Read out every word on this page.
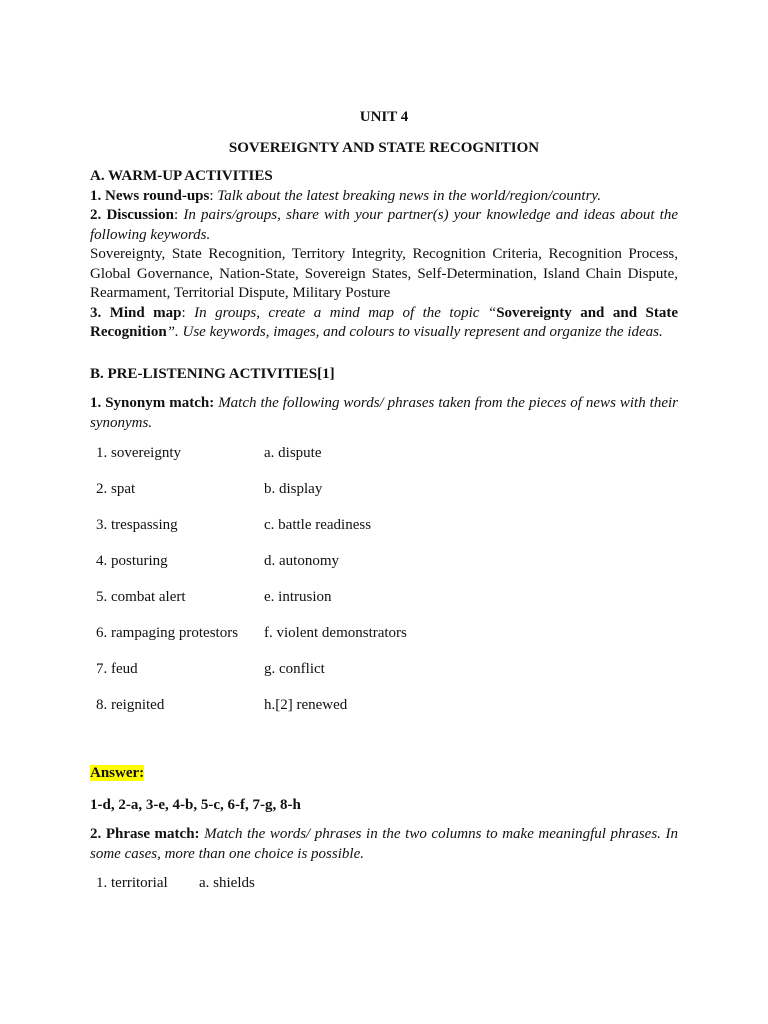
UNIT 4
SOVEREIGNTY AND STATE RECOGNITION
A. WARM-UP ACTIVITIES

1. News round-ups: Talk about the latest breaking news in the world/region/country.

2. Discussion: In pairs/groups, share with your partner(s) your knowledge and ideas about the following keywords.

Sovereignty, State Recognition, Territory Integrity, Recognition Criteria, Recognition Process, Global Governance, Nation-State, Sovereign States, Self-Determination, Island Chain Dispute, Rearmament, Territorial Dispute, Military Posture

3. Mind map: In groups, create a mind map of the topic “Sovereignty and and State Recognition”. Use keywords, images, and colours to visually represent and organize the ideas.

B. PRE-LISTENING ACTIVITIES[1]

1. Synonym match: Match the following words/ phrases taken from the pieces of news with their synonyms.

1. sovereignty	a. dispute
2. spat	b. display
3. trespassing	c. battle readiness
4. posturing	d. autonomy
5. combat alert	e. intrusion
6. rampaging protestors	f. violent demonstrators
7. feud	g. conflict
8. reignited	h.[2] renewed
Answer:

1-d, 2-a, 3-e, 4-b, 5-c, 6-f, 7-g, 8-h

2. Phrase match: Match the words/ phrases in the two columns to make meaningful phrases. In some cases, more than one choice is possible.

1. territorial	a. shields
